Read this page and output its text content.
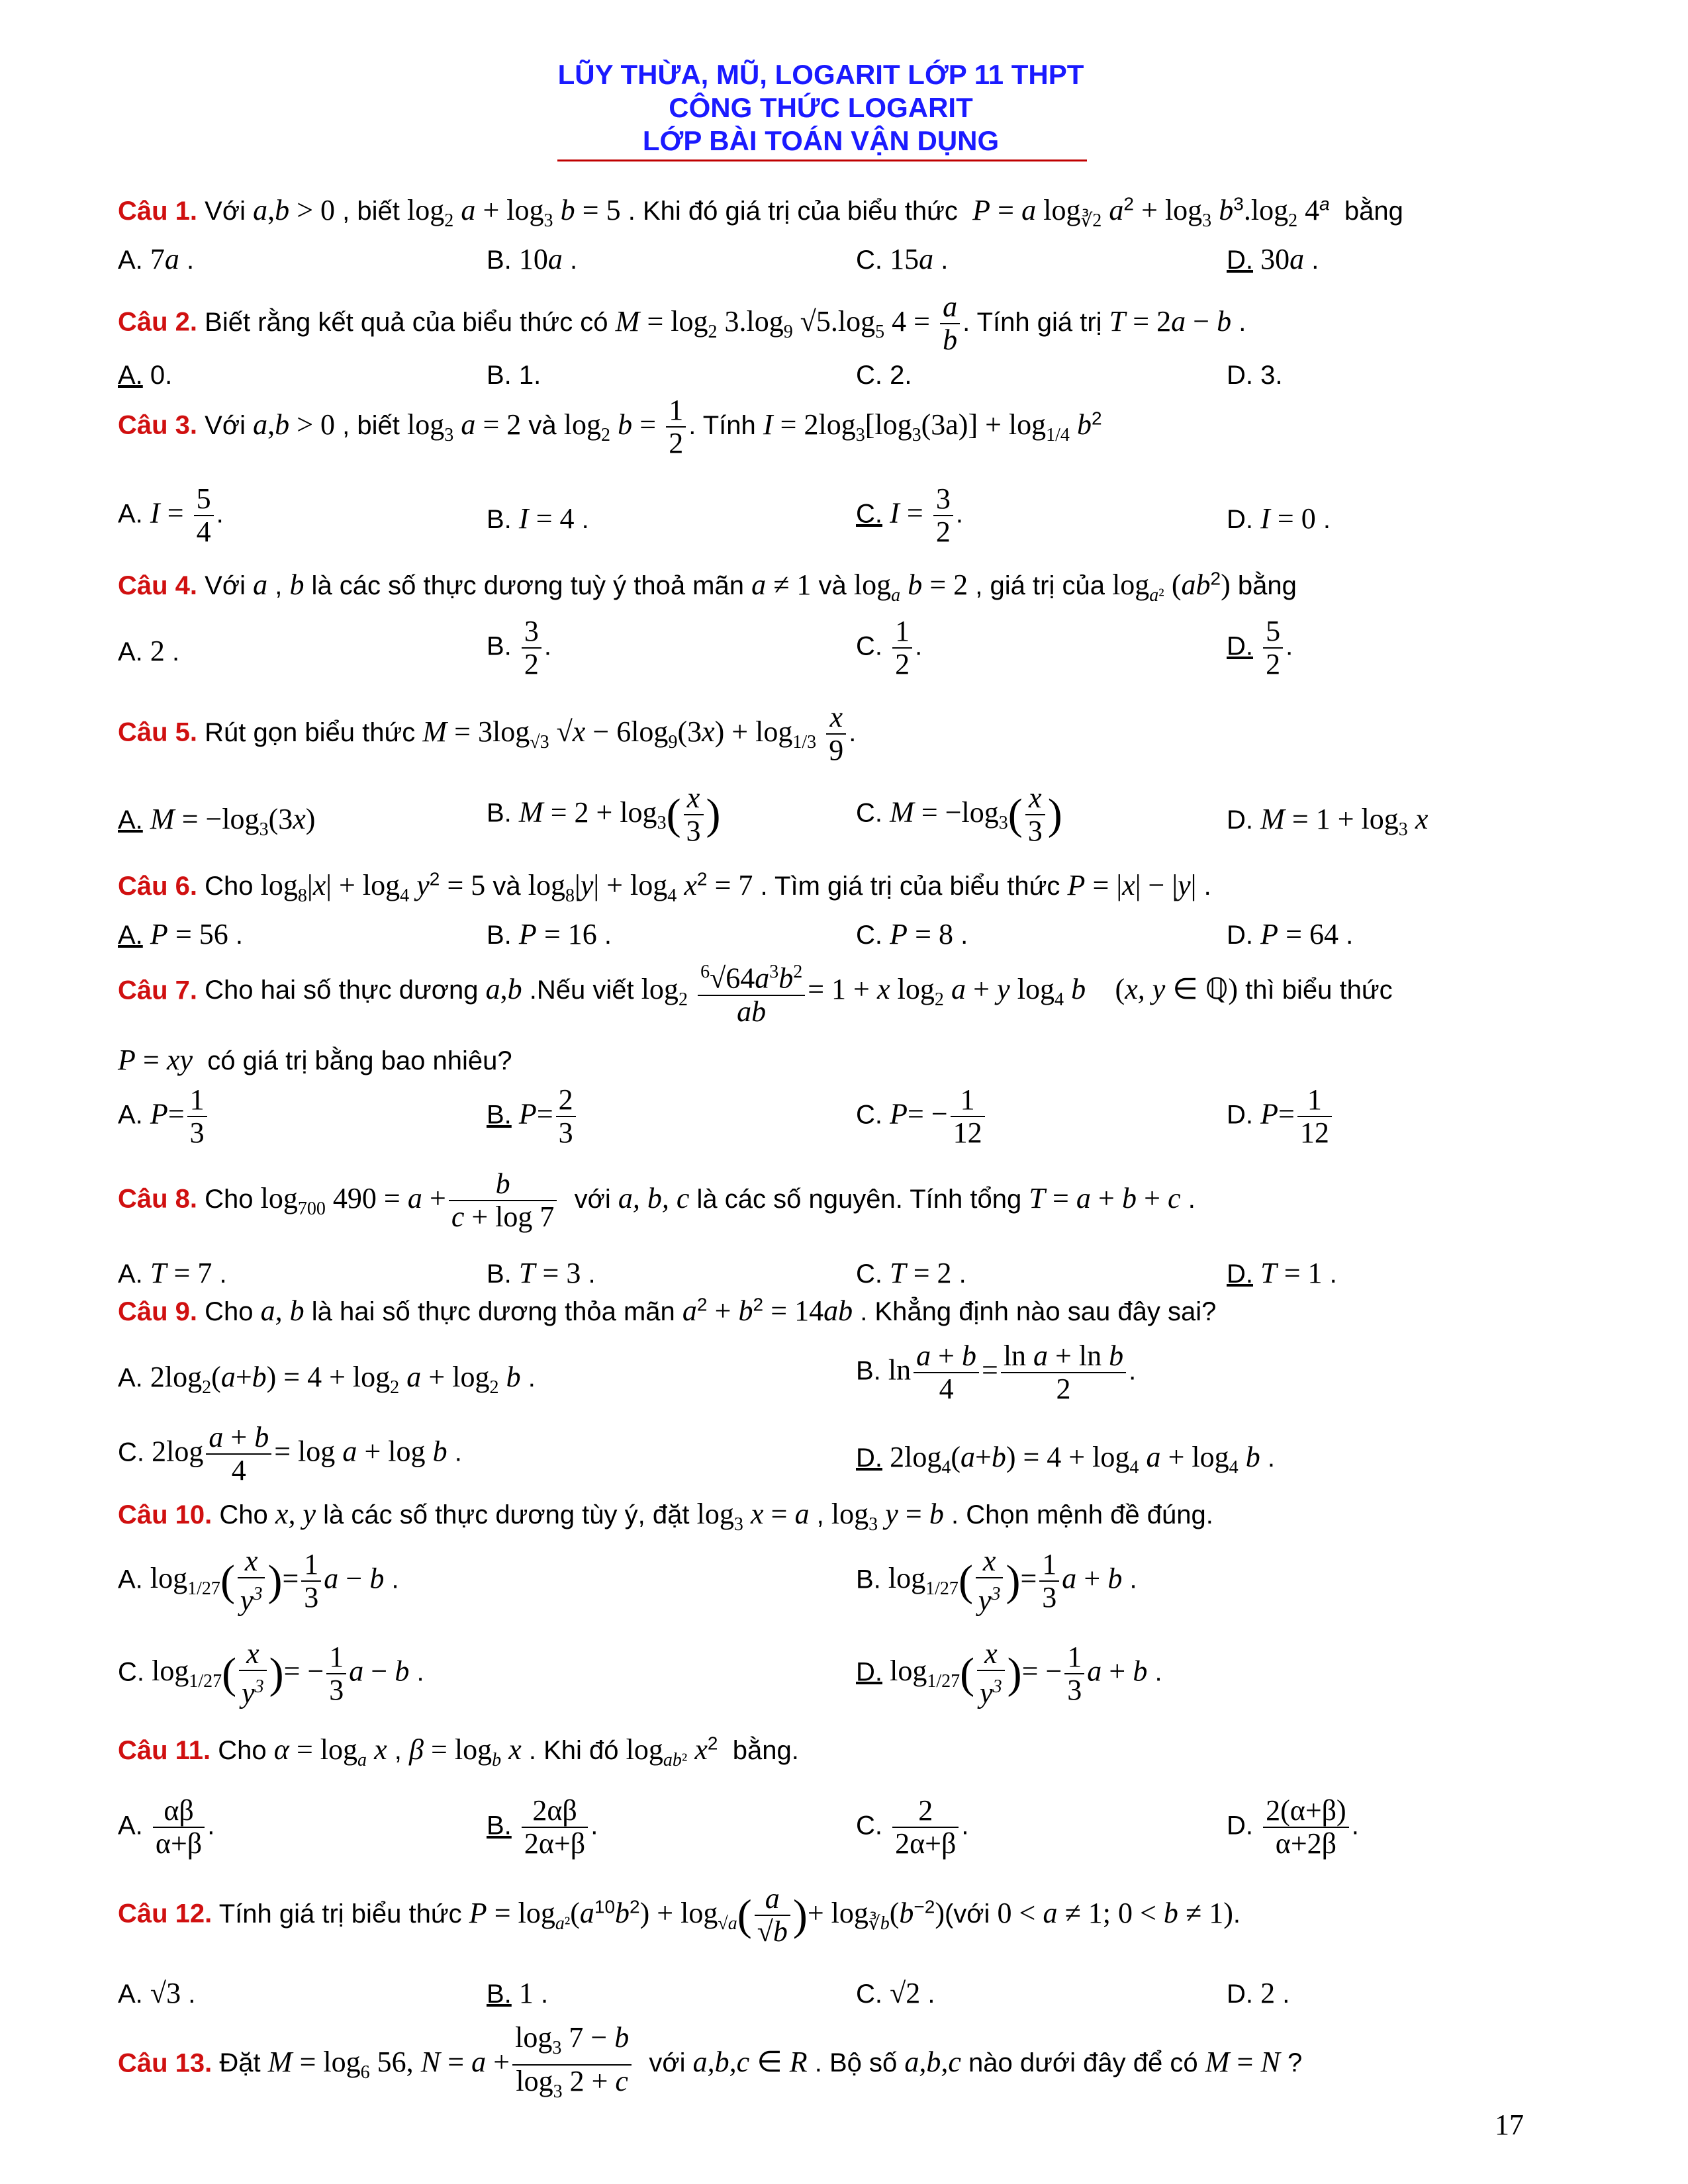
LŨY THỪA, MŨ, LOGARIT LỚP 11 THPT
CÔNG THỨC LOGARIT
LỚP BÀI TOÁN VẬN DỤNG
Câu 1. Với a,b > 0 , biết $\log_2 a + \log_3 b = 5$ . Khi đó giá trị của biểu thức  P = a $\log_{∛2} a^2 + \log_3 b^3.\log_2$ 4$^a$  bằng
A. 7a .	B. 10a .	C. 15a .	D. 30a .
Câu 2. Biết rằng kết quả của biểu thức có $M = \log_2 3.\log_9$ $√5.\log_5$ $4 = \frac{a}{b}$ . Tính giá trị T = 2a − b .
A. 0.	B. 1.	C. 2.	D. 3.
Câu 3. Với a,b > 0 , biết $\log_3 a = 2$ và $\log_2 b = \frac{1}{2}$ . Tính $I = 2\log_3[\log_3(3a)] + \log_{1/4} b^2$
A. $I = \frac{5}{4}$ .	B. I = 4 .	C. $I = \frac{3}{2}$ .	D. I = 0 .
Câu 4. Với a , b là các số thực dương tuỳ ý thoả mãn a ≠ 1 và $\log_a b = 2$ , giá trị của $\log_{a^2} (ab^2)$ bằng
A. 2 .	B. $\frac{3}{2}$ .	C. $\frac{1}{2}$ .	D. $\frac{5}{2}$ .
Câu 5. Rút gọn biểu thức $M = 3\log_{√3}$ $√x - 6\log_9(3x) + \log_{1/3} \frac{x}{9}$ .
A. $M = -\log_3(3x)$	B. $M = 2 + \log_3( \frac{x}{3}$ )	C. $M = -\log_3( \frac{x}{3}$ )	D. $M = 1 + \log_3 x$
Câu 6. Cho $\log_8|x| + \log_4 y^2 = 5$ và $\log_8|y| + \log_4 x^2 = 7$ . Tìm giá trị của biểu thức P = |x| − |y| .
A. P = 56 .	B. P = 16 .	C. P = 8 .	D. P = 64 .
Câu 7. Cho hai số thực dương a,b .Nếu viết $\log_2 \frac{^6√64a^3b^2}{ab} = 1 + x$ $\log_2 a + y$ $\log_4 b$ (x, y ∈ ℚ) thì biểu thức
P = xy  có giá trị bằng bao nhiêu?
A. $P= \frac{1}{3}$	B. $P= \frac{2}{3}$	C. $P= - \frac{1}{12}$	D. $P= \frac{1}{12}$
Câu 8. Cho $\log_{700} 490 = a + \frac{b}{c + \log 7}$ với a, b, c là các số nguyên. Tính tổng T = a + b + c .
A. T = 7 .	B. T = 3 .	C. T = 2 .	D. T = 1 .
Câu 9. Cho a, b là hai số thực dương thỏa mãn $a^2 + b^2 = 14ab$ . Khẳng định nào sau đây sai?
A. $2\log_2(a+b) = 4 + \log_2 a + \log_2 b$ .	B. $\ln \frac{a + b}{4} = \frac{\text{ln a + ln b}}{2}$ .
C. $2\log \frac{a + b}{4} = \log a + \log b$ .	D. $2\log_4(a+b) = 4 + \log_4 a + \log_4 b$ .
Câu 10. Cho x, y là các số thực dương tùy ý, đặt $\log_3 x = a$ , $\log_3 y = b$ . Chọn mệnh đề đúng.
A. $\log_{1/27}( \frac{x}{y^3}$ )= $\frac{1}{3}$ a − b .	B. $\log_{1/27}( \frac{x}{y^3}$ )= $\frac{1}{3}$ a + b .
C. $\log_{1/27}( \frac{x}{y^3}$ )= − $\frac{1}{3}$ a − b .	D. $\log_{1/27}( \frac{x}{y^3}$ )= − $\frac{1}{3}$ a + b .
Câu 11. Cho $\alpha = \log_a x$ , $\beta = \log_b x$ . Khi đó $\log_{ab^2} x^2$  bằng.
A. $\frac{\alpha\beta}{\alpha+\beta}$ .	B. $\frac{2\alpha\beta}{2\alpha+\beta}$ .	C. $\frac{2}{2\alpha+\beta}$ .	D. $\frac{2(\alpha+\beta)}{\alpha+2\beta}$ .
Câu 12. Tính giá trị biểu thức $P = \log_{a^2}(a^{10}b^2) + \log_{√a}( \frac{a}{√b}$ )+ $\log_{∛b}(b^{-2})(với$ 0 < a ≠ 1; 0 < b ≠ 1).
A. √3 .	B. 1 .	C. √2 .	D. 2 .
Câu 13. Đặt $M = \log_6 56$, $N = a + \frac{\log_3 7 - b}{\log_3 2 + c}$ với a,b,c ∈ R . Bộ số a,b,c nào dưới đây để có M = N ?
17
